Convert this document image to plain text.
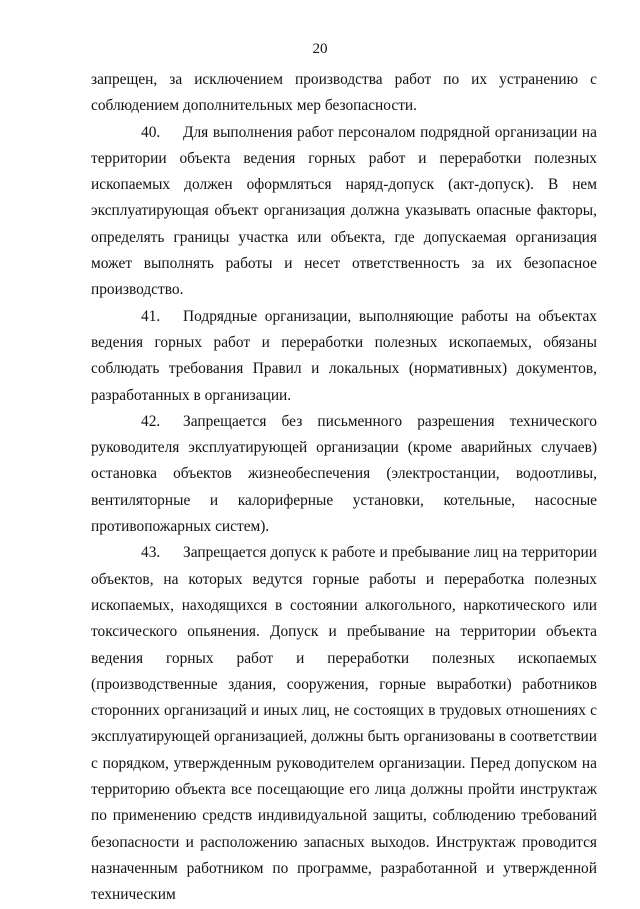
20

запрещен, за исключением производства работ по их устранению с соблюдением дополнительных мер безопасности.

40. Для выполнения работ персоналом подрядной организации на территории объекта ведения горных работ и переработки полезных ископаемых должен оформляться наряд-допуск (акт-допуск). В нем эксплуатирующая объект организация должна указывать опасные факторы, определять границы участка или объекта, где допускаемая организация может выполнять работы и несет ответственность за их безопасное производство.

41. Подрядные организации, выполняющие работы на объектах ведения горных работ и переработки полезных ископаемых, обязаны соблюдать требования Правил и локальных (нормативных) документов, разработанных в организации.

42. Запрещается без письменного разрешения технического руководителя эксплуатирующей организации (кроме аварийных случаев) остановка объектов жизнеобеспечения (электростанции, водоотливы, вентиляторные и калориферные установки, котельные, насосные противопожарных систем).

43. Запрещается допуск к работе и пребывание лиц на территории объектов, на которых ведутся горные работы и переработка полезных ископаемых, находящихся в состоянии алкогольного, наркотического или токсического опьянения. Допуск и пребывание на территории объекта ведения горных работ и переработки полезных ископаемых (производственные здания, сооружения, горные выработки) работников сторонних организаций и иных лиц, не состоящих в трудовых отношениях с эксплуатирующей организацией, должны быть организованы в соответствии с порядком, утвержденным руководителем организации. Перед допуском на территорию объекта все посещающие его лица должны пройти инструктаж по применению средств индивидуальной защиты, соблюдению требований безопасности и расположению запасных выходов. Инструктаж проводится назначенным работником по программе, разработанной и утвержденной техническим
